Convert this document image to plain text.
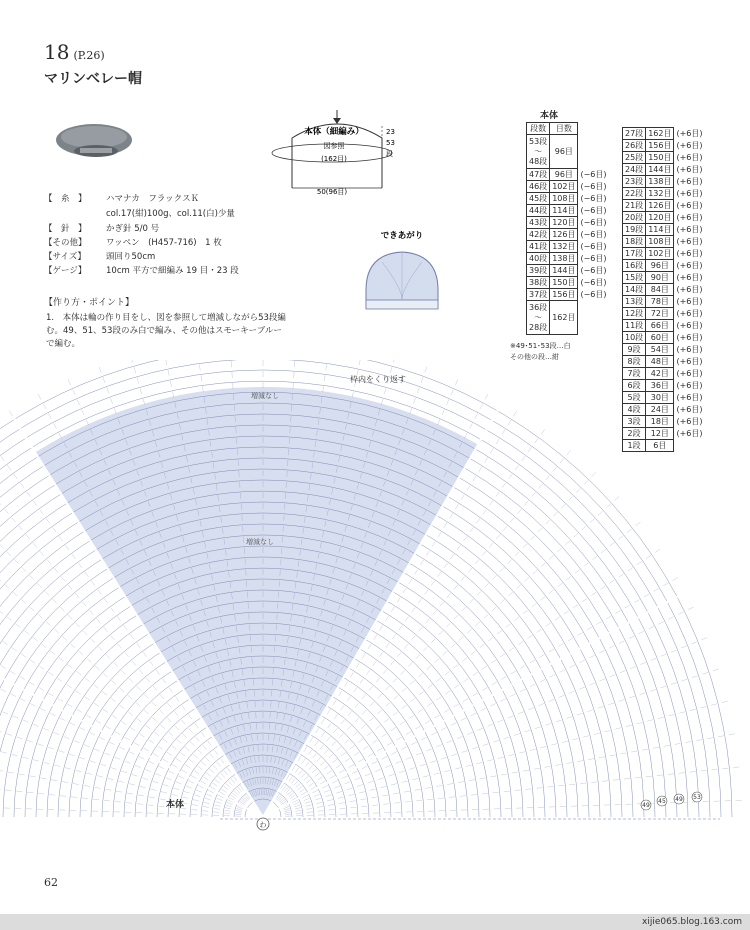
18 (P.26)
マリンベレー帽
【　糸　】 ハマナカ　フラックスＫ
col.17(紺)100g、col.11(白)少量
【　針　】 かぎ針 5/0 号
【その他】 ワッペン　(H457-716)　1 枚
【サイズ】 頭回り50cm
【ゲージ】 10cm 平方で細編み 19 目・23 段
【作り方・ポイント】
1.　本体は輪の作り目をし、図を参照して増減しながら53段編む。49、51、53段のみ白で編み、その他はスモーキーブルーで編む。
本体（細編み）
図参照
(162目)
23
53
段
50(96目)
できあがり
本体
段数	目数	
53段
〜
48段	96目	
47段	96目	(−6目)
46段	102目	(−6目)
45段	108目	(−6目)
44段	114目	(−6目)
43段	120目	(−6目)
42段	126目	(−6目)
41段	132目	(−6目)
40段	138目	(−6目)
39段	144目	(−6目)
38段	150目	(−6目)
37段	156目	(−6目)
36段
〜
28段	162目	
※49･51･53段…白
その他の段…紺
27段	162目	(+6目)
26段	156目	(+6目)
25段	150目	(+6目)
24段	144目	(+6目)
23段	138目	(+6目)
22段	132目	(+6目)
21段	126目	(+6目)
20段	120目	(+6目)
19段	114目	(+6目)
18段	108目	(+6目)
17段	102目	(+6目)
16段	96目	(+6目)
15段	90目	(+6目)
14段	84目	(+6目)
13段	78目	(+6目)
12段	72目	(+6目)
11段	66目	(+6目)
10段	60目	(+6目)
9段	54目	(+6目)
8段	48目	(+6目)
7段	42目	(+6目)
6段	36目	(+6目)
5段	30目	(+6目)
4段	24目	(+6目)
3段	18目	(+6目)
2段	12目	(+6目)
1段	6目	
枠内をくり返す
増減なし
増減なし
本体
わ
49
45 49 53
62
xijie065.blog.163.com
